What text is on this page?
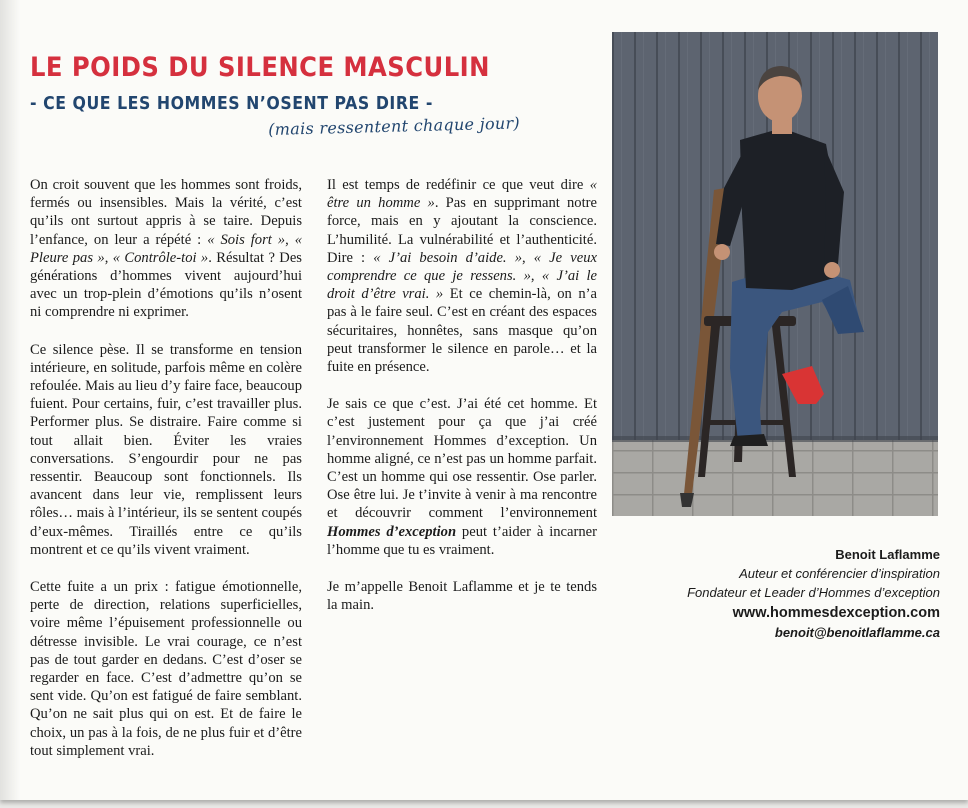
LE POIDS DU SILENCE MASCULIN
- CE QUE LES HOMMES N’OSENT PAS DIRE -
(mais ressentent chaque jour)

On croit souvent que les hommes sont froids, fermés ou insensibles. Mais la vérité, c’est qu’ils ont surtout appris à se taire. Depuis l’enfance, on leur a répété : « Sois fort », « Pleure pas », « Contrôle-toi ». Résultat ? Des générations d’hommes vivent aujourd’hui avec un trop-plein d’émotions qu’ils n’osent ni comprendre ni exprimer.

Ce silence pèse. Il se transforme en tension intérieure, en solitude, parfois même en colère refoulée. Mais au lieu d’y faire face, beaucoup fuient. Pour certains, fuir, c’est travailler plus. Performer plus. Se distraire. Faire comme si tout allait bien. Éviter les vraies conversations. S’engourdir pour ne pas ressentir. Beaucoup sont fonctionnels. Ils avancent dans leur vie, remplissent leurs rôles… mais à l’intérieur, ils se sentent coupés d’eux-mêmes. Tiraillés entre ce qu’ils montrent et ce qu’ils vivent vraiment.

Cette fuite a un prix : fatigue émotionnelle, perte de direction, relations superficielles, voire même l’épuisement professionnelle ou détresse invisible. Le vrai courage, ce n’est pas de tout garder en dedans. C’est d’oser se regarder en face. C’est d’admettre qu’on se sent vide. Qu’on est fatigué de faire semblant. Qu’on ne sait plus qui on est. Et de faire le choix, un pas à la fois, de ne plus fuir et d’être tout simplement vrai.

Il est temps de redéfinir ce que veut dire « être un homme ». Pas en supprimant notre force, mais en y ajoutant la conscience. L’humilité. La vulnérabilité et l’authenticité. Dire : « J’ai besoin d’aide. », « Je veux comprendre ce que je ressens. », « J’ai le droit d’être vrai. » Et ce chemin-là, on n’a pas à le faire seul. C’est en créant des espaces sécuritaires, honnêtes, sans masque qu’on peut transformer le silence en parole… et la fuite en présence.

Je sais ce que c’est. J’ai été cet homme. Et c’est justement pour ça que j’ai créé l’environnement Hommes d’exception. Un homme aligné, ce n’est pas un homme parfait. C’est un homme qui ose ressentir. Ose parler. Ose être lui. Je t’invite à venir à ma rencontre et découvrir comment l’environnement Hommes d’exception peut t’aider à incarner l’homme que tu es vraiment.

Je m’appelle Benoit Laflamme et je te tends la main.

Benoit Laflamme
Auteur et conférencier d’inspiration
Fondateur et Leader d’Hommes d’exception
www.hommesdexception.com
benoit@benoitlaflamme.ca
